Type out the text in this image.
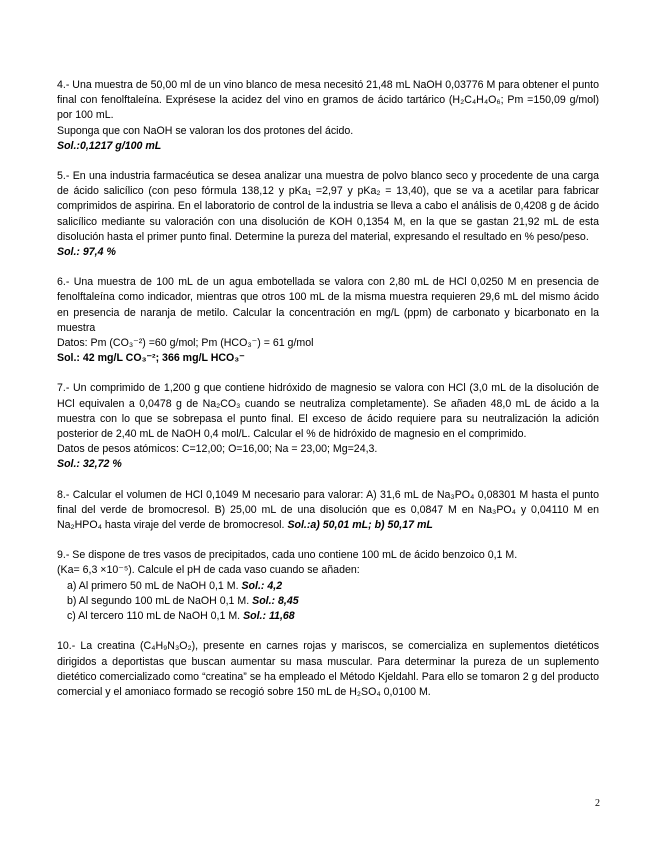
4.- Una muestra de 50,00 ml de un vino blanco de mesa necesitó 21,48 mL NaOH 0,03776 M para obtener el punto final con fenolftaleína. Exprésese la acidez del vino en gramos de ácido tartárico (H₂C₄H₄O₆; Pm =150,09 g/mol) por 100 mL.

Suponga que con NaOH se valoran los dos protones del ácido.

Sol.:0,1217 g/100 mL

5.- En una industria farmacéutica se desea analizar una muestra de polvo blanco seco y procedente de una carga de ácido salicílico (con peso fórmula 138,12 y pKa₁ =2,97 y pKa₂ = 13,40), que se va a acetilar para fabricar comprimidos de aspirina. En el laboratorio de control de la industria se lleva a cabo el análisis de 0,4208 g de ácido salicílico mediante su valoración con una disolución de KOH 0,1354 M, en la que se gastan 21,92 mL de esta disolución hasta el primer punto final. Determine la pureza del material, expresando el resultado en % peso/peso.

Sol.: 97,4 %

6.- Una muestra de 100 mL de un agua embotellada se valora con 2,80 mL de HCl 0,0250 M en presencia de fenolftaleína como indicador, mientras que otros 100 mL de la misma muestra requieren 29,6 mL del mismo ácido en presencia de naranja de metilo. Calcular la concentración en mg/L (ppm) de carbonato y bicarbonato en la muestra

Datos: Pm (CO₃⁻²) =60 g/mol; Pm (HCO₃⁻) = 61 g/mol

Sol.: 42 mg/L CO₃⁻²; 366 mg/L HCO₃⁻

7.- Un comprimido de 1,200 g que contiene hidróxido de magnesio se valora con HCl (3,0 mL de la disolución de HCl equivalen a 0,0478 g de Na₂CO₃ cuando se neutraliza completamente). Se añaden 48,0 mL de ácido a la muestra con lo que se sobrepasa el punto final. El exceso de ácido requiere para su neutralización la adición posterior de 2,40 mL de NaOH 0,4 mol/L. Calcular el % de hidróxido de magnesio en el comprimido.

Datos de pesos atómicos: C=12,00; O=16,00; Na = 23,00; Mg=24,3.

Sol.: 32,72 %

8.- Calcular el volumen de HCl 0,1049 M necesario para valorar: A) 31,6 mL de Na₃PO₄ 0,08301 M hasta el punto final del verde de bromocresol. B) 25,00 mL de una disolución que es 0,0847 M en Na₃PO₄ y 0,04110 M en Na₂HPO₄ hasta viraje del verde de bromocresol. Sol.:a) 50,01 mL; b) 50,17 mL

9.- Se dispone de tres vasos de precipitados, cada uno contiene 100 mL de ácido benzoico 0,1 M.

(Ka= 6,3 ×10⁻⁵). Calcule el pH de cada vaso cuando se añaden:

a) Al primero 50 mL de NaOH 0,1 M. Sol.: 4,2

b) Al segundo 100 mL de NaOH 0,1 M. Sol.: 8,45

c) Al tercero 110 mL de NaOH 0,1 M. Sol.: 11,68

10.- La creatina (C₄H₉N₃O₂), presente en carnes rojas y mariscos, se comercializa en suplementos dietéticos dirigidos a deportistas que buscan aumentar su masa muscular. Para determinar la pureza de un suplemento dietético comercializado como “creatina” se ha empleado el Método Kjeldahl. Para ello se tomaron 2 g del producto comercial y el amoniaco formado se recogió sobre 150 mL de H₂SO₄ 0,0100 M.

2
